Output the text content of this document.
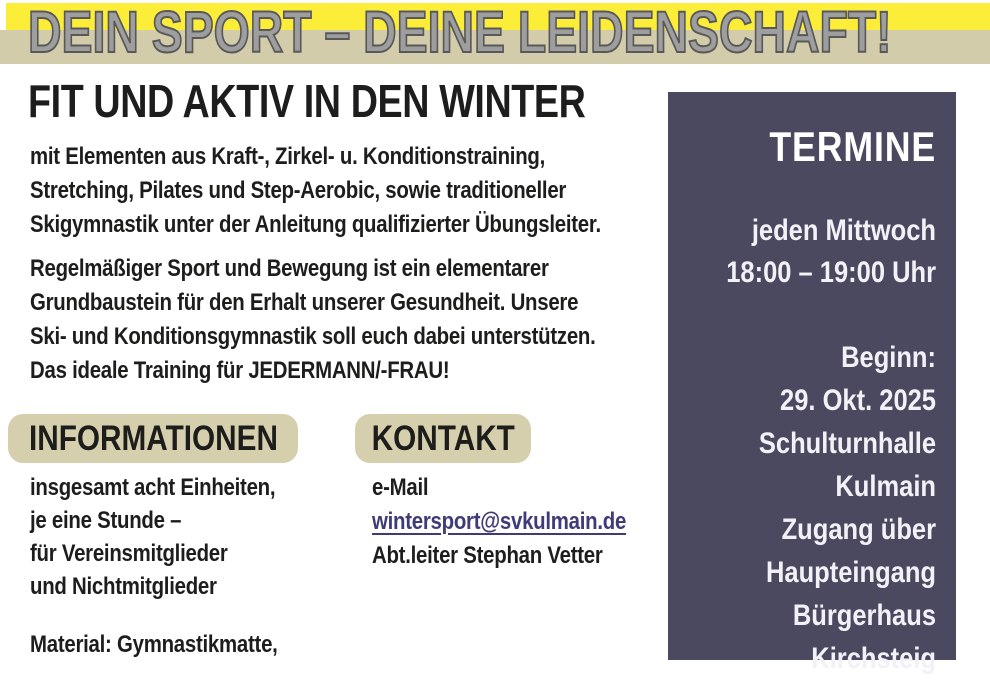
DEIN SPORT – DEINE LEIDENSCHAFT!
FIT UND AKTIV IN DEN WINTER
mit Elementen aus Kraft-, Zirkel- u. Konditionstraining,
Stretching, Pilates und Step-Aerobic, sowie traditioneller
Skigymnastik unter der Anleitung qualifizierter Übungsleiter.
Regelmäßiger Sport und Bewegung ist ein elementarer
Grundbaustein für den Erhalt unserer Gesundheit. Unsere
Ski- und Konditionsgymnastik soll euch dabei unterstützen.
Das ideale Training für JEDERMANN/-FRAU!
INFORMATIONEN	KONTAKT
insgesamt acht Einheiten,
je eine Stunde –
für Vereinsmitglieder
und Nichtmitglieder
Material: Gymnastikmatte,
e-Mail
wintersport@svkulmain.de
Abt.leiter Stephan Vetter
TERMINE
jeden Mittwoch
18:00 – 19:00 Uhr
Beginn:
29. Okt. 2025
Schulturnhalle
Kulmain
Zugang über
Haupteingang
Bürgerhaus
Kirchsteig
